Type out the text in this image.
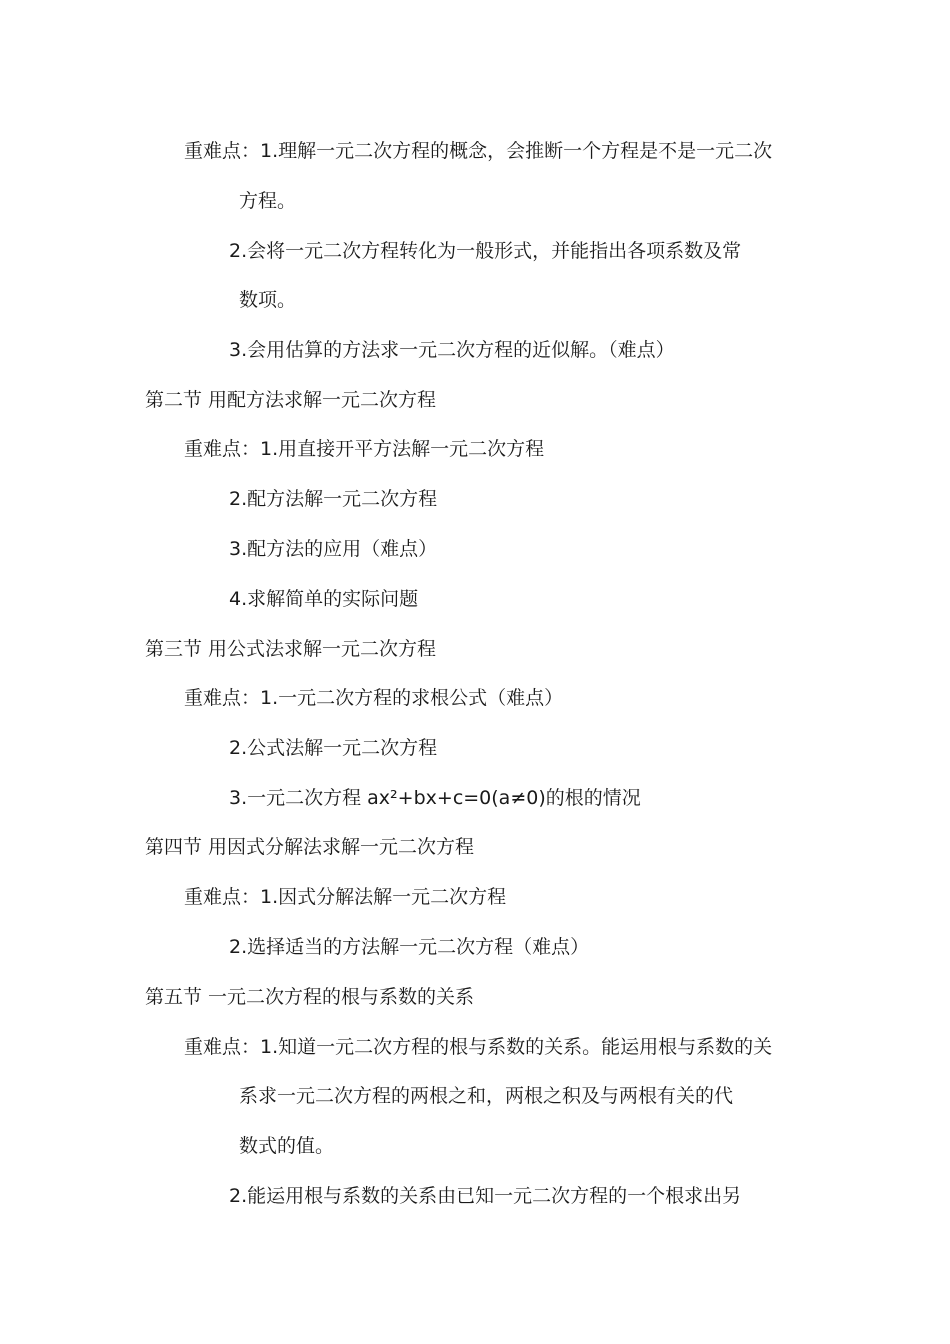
重难点：1.理解一元二次方程的概念，会推断一个方程是不是一元二次
方程。
2.会将一元二次方程转化为一般形式，并能指出各项系数及常
数项。
3.会用估算的方法求一元二次方程的近似解。（难点）
第二节 用配方法求解一元二次方程
重难点：1.用直接开平方法解一元二次方程
2.配方法解一元二次方程
3.配方法的应用（难点）
4.求解简单的实际问题
第三节 用公式法求解一元二次方程
重难点：1.一元二次方程的求根公式（难点）
2.公式法解一元二次方程
3.一元二次方程 ax²+bx+c=0(a≠0)的根的情况
第四节 用因式分解法求解一元二次方程
重难点：1.因式分解法解一元二次方程
2.选择适当的方法解一元二次方程（难点）
第五节 一元二次方程的根与系数的关系
重难点：1.知道一元二次方程的根与系数的关系。能运用根与系数的关
系求一元二次方程的两根之和，两根之积及与两根有关的代
数式的值。
2.能运用根与系数的关系由已知一元二次方程的一个根求出另
